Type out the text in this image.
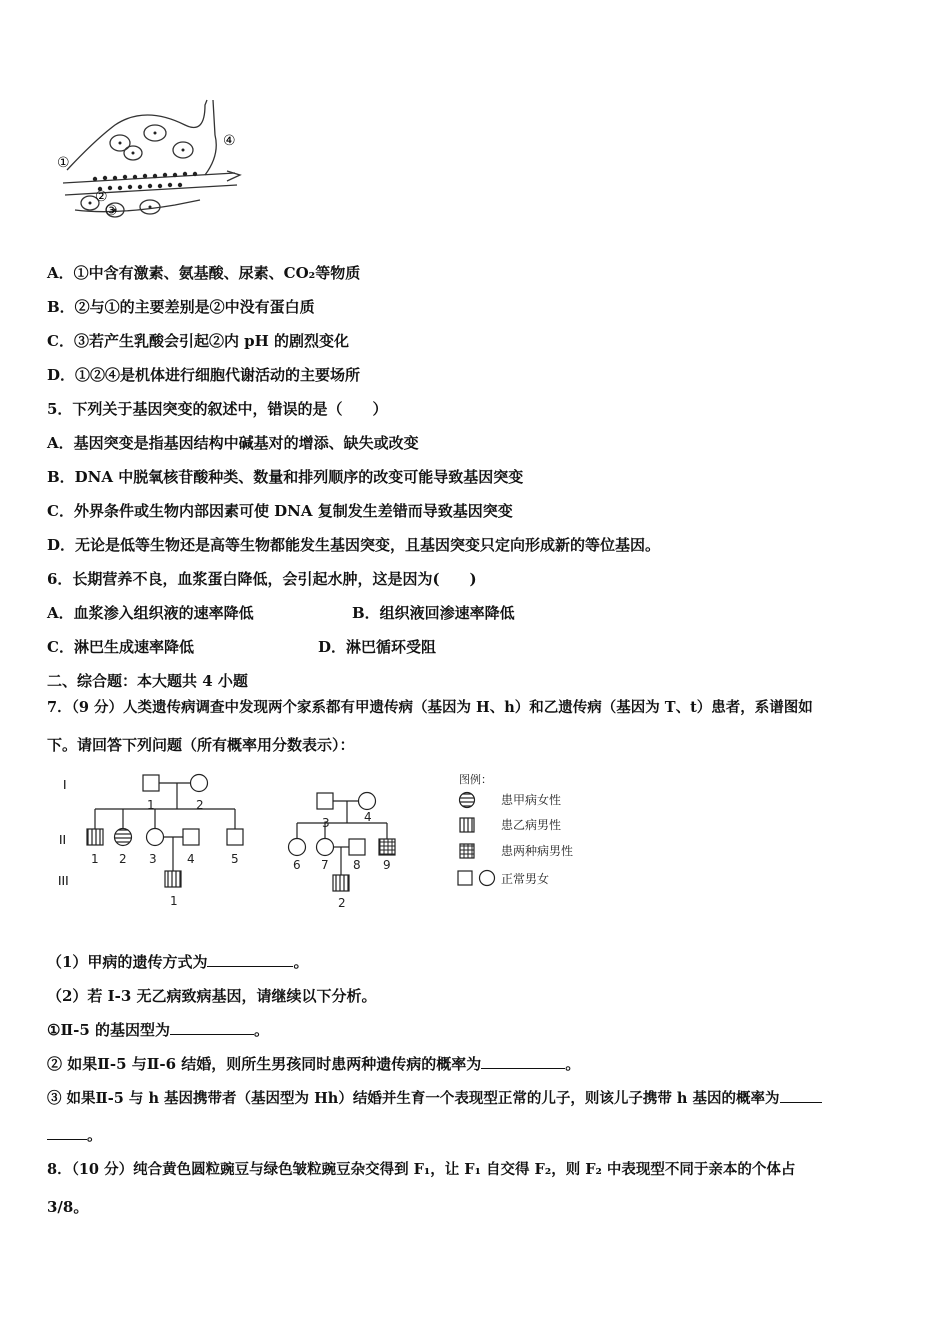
①
②
③
④
A．①中含有激素、氨基酸、尿素、CO₂等物质
B．②与①的主要差别是②中没有蛋白质
C．③若产生乳酸会引起②内 pH 的剧烈变化
D．①②④是机体进行细胞代谢活动的主要场所
5．下列关于基因突变的叙述中，错误的是（　　）
A．基因突变是指基因结构中碱基对的增添、缺失或改变
B．DNA 中脱氧核苷酸种类、数量和排列顺序的改变可能导致基因突变
C．外界条件或生物内部因素可使 DNA 复制发生差错而导致基因突变
D．无论是低等生物还是高等生物都能发生基因突变，且基因突变只定向形成新的等位基因。
6．长期营养不良，血浆蛋白降低，会引起水肿，这是因为(　　)
A．血浆渗入组织液的速率降低	B．组织液回渗速率降低
C．淋巴生成速率降低	D．淋巴循环受阻
二、综合题：本大题共 4 小题
7．（9 分）人类遗传病调查中发现两个家系都有甲遗传病（基因为 H、h）和乙遗传病（基因为 T、t）患者，系谱图如
下。请回答下列问题（所有概率用分数表示）：
I
II
III
1	2
1 2 3	4	5
1
3	4
6 7 8 9
2
图例：
患甲病女性
患乙病男性
患两种病男性
正常男女
（1）甲病的遗传方式为	。
（2）若 I-3 无乙病致病基因，请继续以下分析。
①Ⅱ-5 的基因型为	。
② 如果Ⅱ-5 与Ⅱ-6 结婚，则所生男孩同时患两种遗传病的概率为	。
③ 如果Ⅱ-5 与 h 基因携带者（基因型为 Hh）结婚并生育一个表现型正常的儿子，则该儿子携带 h 基因的概率为
。
8．（10 分）纯合黄色圆粒豌豆与绿色皱粒豌豆杂交得到 F₁，让 F₁ 自交得 F₂，则 F₂ 中表现型不同于亲本的个体占
3/8。
